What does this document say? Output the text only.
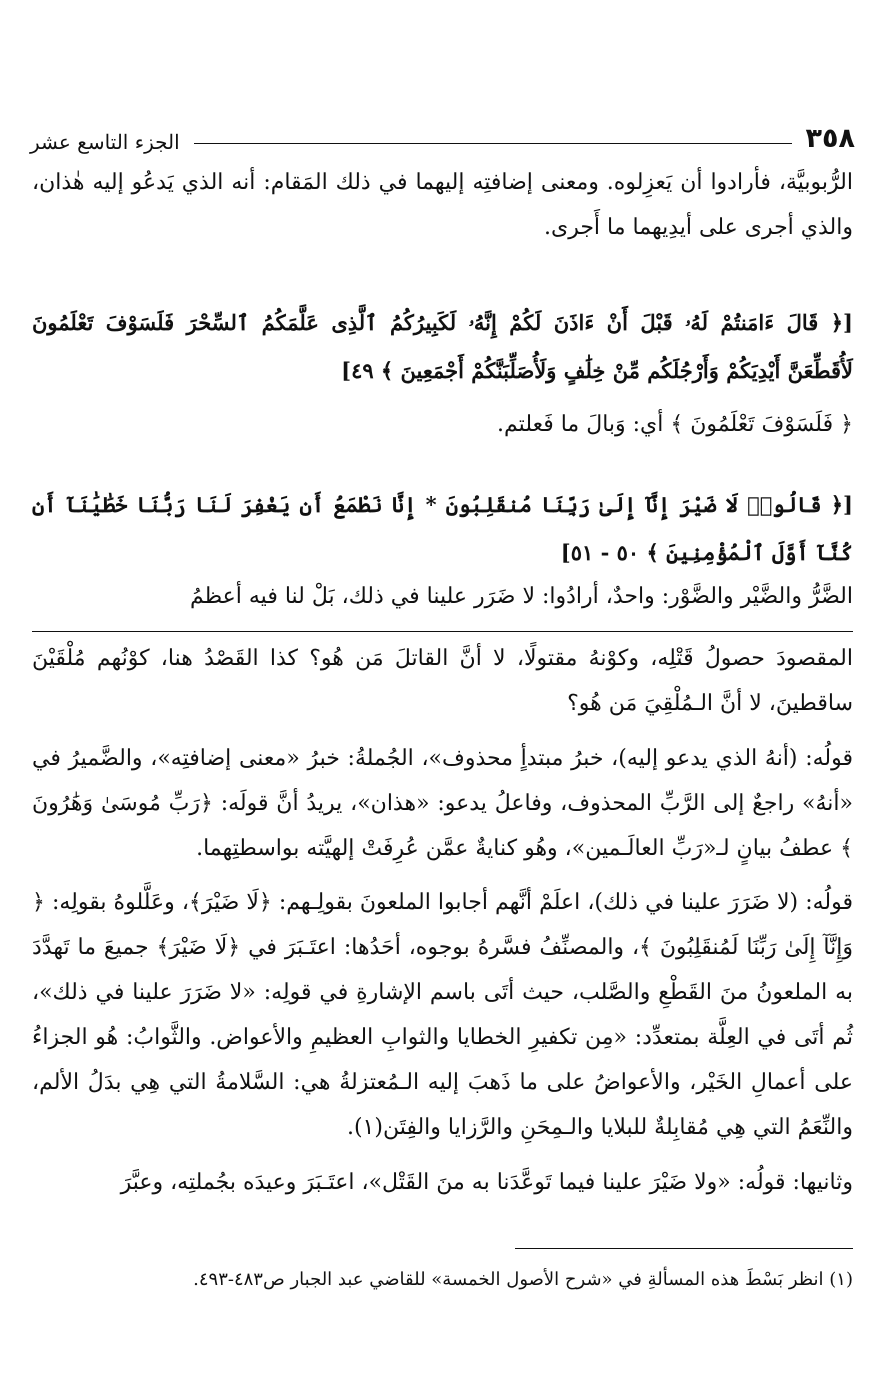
٣٥٨
الجزء التاسع عشر

الرُّبوبيَّة، فأرادوا أن يَعزِلوه. ومعنى إضافتِه إليهما في ذلك المَقام: أنه الذي يَدعُو إليه هٰذان، والذي أجرى على أيدِيهما ما أَجرى.

[﴿ قَالَ ءَامَنتُمْ لَهُۥ قَبْلَ أَنْ ءَاذَنَ لَكُمْ إِنَّهُۥ لَكَبِيرُكُمُ ٱلَّذِى عَلَّمَكُمُ ٱلسِّحْرَ فَلَسَوْفَ تَعْلَمُونَ لَأُقَطِّعَنَّ أَيْدِيَكُمْ وَأَرْجُلَكُم مِّنْ خِلَٰفٍ وَلَأُصَلِّبَنَّكُمْ أَجْمَعِينَ ﴾ ٤٩]

﴿ فَلَسَوْفَ تَعْلَمُونَ ﴾ أي: وَبالَ ما فَعلتم.

[﴿ قَالُوا۟ لَا ضَيْرَ إِنَّآ إِلَىٰ رَبِّنَا مُنقَلِبُونَ * إِنَّا نَطْمَعُ أَن يَغْفِرَ لَنَا رَبُّنَا خَطَٰيَٰنَآ أَن كُنَّآ أَوَّلَ ٱلْمُؤْمِنِينَ ﴾ ٥٠ - ٥١]

الضَّرُّ والضَّيْر والضَّوْر: واحدٌ، أرادُوا: لا ضَرَر علينا في ذلك، بَلْ لنا فيه أعظمُ

المقصودَ حصولُ قَتْلِه، وكوْنهُ مقتولًا، لا أنَّ القاتلَ مَن هُو؟ كذا القَصْدُ هنا، كوْنُهم مُلْقَيْنَ ساقطينَ، لا أنَّ الـمُلْقِيَ مَن هُو؟

قولُه: (أنهُ الذي يدعو إليه)، خبرُ مبتدأٍ محذوف»، الجُملةُ: خبرُ «معنى إضافتِه»، والضَّميرُ في «أنهُ» راجعٌ إلى الرَّبِّ المحذوف، وفاعلُ يدعو: «هذان»، يريدُ أنَّ قولَه: ﴿رَبِّ مُوسَىٰ وَهَٰرُونَ ﴾ عطفُ بيانٍ لـ«رَبِّ العالَـمين»، وهُو كنايةٌ عمَّن عُرِفَتْ إلهيَّته بواسطتِهما.

قولُه: (لا ضَرَرَ علينا في ذلك)، اعلَمْ أنَّهم أجابوا الملعونَ بقولِـهم: ﴿لَا ضَيْرَ﴾، وعَلَّلوهُ بقولِه: ﴿ وَإِنَّآ إِلَىٰ رَبِّنَا لَمُنقَلِبُونَ ﴾، والمصنِّفُ فسَّرهُ بوجوه، أحَدُها: اعتَـبَرَ في ﴿لَا ضَيْرَ﴾ جميعَ ما تَهدَّدَ به الملعونُ منَ القَطْعِ والصَّلب، حيث أتَى باسم الإشارةِ في قولِه: «لا ضَرَرَ علينا في ذلك»، ثُم أتَى في العِلَّة بمتعدِّد: «مِن تكفيرِ الخطايا والثوابِ العظيمِ والأعواض. والثَّوابُ: هُو الجزاءُ على أعمالِ الخَيْر، والأعواضُ على ما ذَهبَ إليه الـمُعتزلةُ هي: السَّلامةُ التي هِي بدَلُ الألم، والنِّعَمُ التي هِي مُقابِلةٌ للبلايا والـمِحَنِ والرَّزايا والفِتَن(١).

وثانيها: قولُه: «ولا ضَيْرَ علينا فيما تَوعَّدَنا به منَ القَتْل»، اعتَـبَرَ وعيدَه بجُملتِه، وعبَّرَ

(١) انظر بَسْطَ هذه المسألةِ في «شرح الأصول الخمسة» للقاضي عبد الجبار ص٤٨٣-٤٩٣.
